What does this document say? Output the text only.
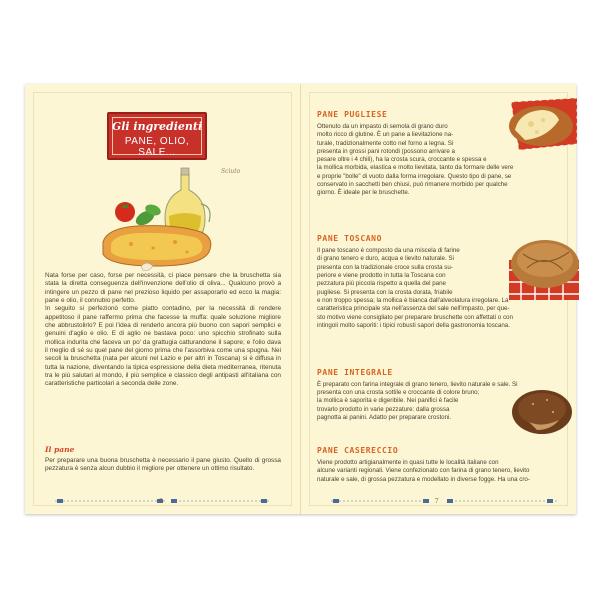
Gli ingredienti
PANE, OLIO, SALE...
Sciuto

Nata forse per caso, forse per necessità, ci piace pensare che la bruschetta sia stata la diretta conseguenza dell'invenzione dell'olio di oliva... Qualcuno provò a intingere un pezzo di pane nel prezioso liquido per assaporarlo ed ecco la magia: pane e olio, il connubio perfetto.

In seguito si perfezionò come piatto contadino, per la necessità di rendere appetitoso il pane raffermo prima che facesse la muffa: quale soluzione migliore che abbrustolirlo? E poi l'idea di renderlo ancora più buono con sapori semplici e genuini d'aglio e olio. E di aglio ne bastava poco: uno spicchio strofinato sulla mollica indurita che faceva un po' da grattugia catturandone il sapore; e l'olio dava il meglio di sé su quel pane del giorno prima che l'assorbiva come una spugna. Nei secoli la bruschetta (nata per alcuni nel Lazio e per altri in Toscana) si è diffusa in tutta la nazione, diventando la tipica espressione della dieta mediterranea, ritenuta tra le più salutari al mondo, il più semplice e classico degli antipasti all'italiana con caratteristiche particolari a seconda delle zone.

Il pane
Per preparare una buona bruschetta è necessario il pane giusto. Quello di grossa pezzatura è senza alcun dubbio il migliore per ottenere un ottimo risultato.
6
PANE PUGLIESE
Ottenuto da un impasto di semola di grano duro
molto ricco di glutine. È un pane a lievitazione na-
turale, tradizionalmente cotto nel forno a legna. Si
presenta in grossi pani rotondi (possono arrivare a
pesare oltre i 4 chili), ha la crosta scura, croccante e spessa e
la mollica morbida, elastica e molto lievitata, tanto da formare delle vere
e proprie "bolle" di vuoto dalla forma irregolare. Questo tipo di pane, se
conservato in sacchetti ben chiusi, può rimanere morbido per qualche
giorno. È ideale per le bruschette.
PANE TOSCANO
Il pane toscano è composto da una miscela di farine
di grano tenero e duro, acqua e lievito naturale. Si
presenta con la tradizionale croce sulla crosta su-
periore e viene prodotto in tutta la Toscana con
pezzatura più piccola rispetto a quella del pane
pugliese. Si presenta con la crosta dorata, friabile
e non troppo spessa; la mollica è bianca dall'alveolatura irregolare. La
caratteristica principale sta nell'assenza del sale nell'impasto, per que-
sto motivo viene consigliato per preparare bruschette con affettati o con
intingoli molto saporiti: i tipici robusti sapori della gastronomia toscana.
PANE INTEGRALE
È preparato con farina integrale di grano tenero, lievito naturale e sale. Si
presenta con una crosta sottile e croccante di colore bruno;
la mollica è saporita e digeribile. Nei panifici è facile
trovarlo prodotto in varie pezzature: dalla grossa
pagnotta ai panini. Adatto per preparare crostoni.
PANE CASERECCIO
Viene prodotto artigianalmente in quasi tutte le località italiane con
alcune varianti regionali. Viene confezionato con farina di grano tenero, lievito
naturale e sale, di grossa pezzatura e modellato in diverse fogge. Ha una cro-
7
